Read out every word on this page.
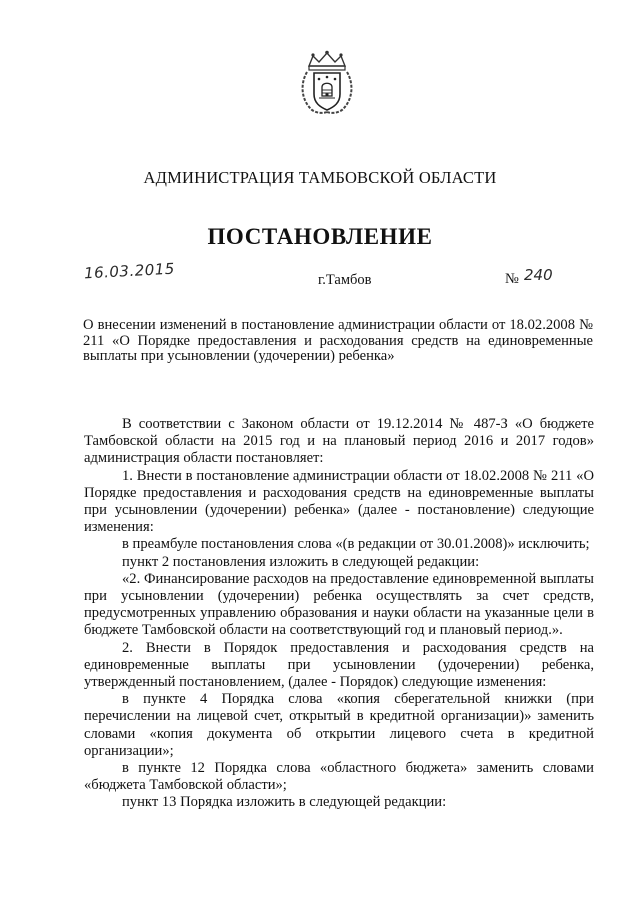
АДМИНИСТРАЦИЯ ТАМБОВСКОЙ ОБЛАСТИ
ПОСТАНОВЛЕНИЕ
16.03.2015	г.Тамбов	№ 240
О внесении изменений в постановление администрации области от 18.02.2008 № 211 «О Порядке предоставления и расходования средств на единовременные выплаты при усыновлении (удочерении) ребенка»

В соответствии с Законом области от 19.12.2014 № 487-З «О бюджете Тамбовской области на 2015 год и на плановый период 2016 и 2017 годов» администрация области постановляет:

1. Внести в постановление администрации области от 18.02.2008 № 211 «О Порядке предоставления и расходования средств на единовременные выплаты при усыновлении (удочерении) ребенка» (далее - постановление) следующие изменения:

в преамбуле постановления слова «(в редакции от 30.01.2008)» исключить;

пункт 2 постановления изложить в следующей редакции:

«2. Финансирование расходов на предоставление единовременной выплаты при усыновлении (удочерении) ребенка осуществлять за счет средств, предусмотренных управлению образования и науки области на указанные цели в бюджете Тамбовской области на соответствующий год и плановый период.».

2. Внести в Порядок предоставления и расходования средств на единовременные выплаты при усыновлении (удочерении) ребенка, утвержденный постановлением, (далее - Порядок) следующие изменения:

в пункте 4 Порядка слова «копия сберегательной книжки (при перечислении на лицевой счет, открытый в кредитной организации)» заменить словами «копия документа об открытии лицевого счета в кредитной организации»;

в пункте 12 Порядка слова «областного бюджета» заменить словами «бюджета Тамбовской области»;

пункт 13 Порядка изложить в следующей редакции:
